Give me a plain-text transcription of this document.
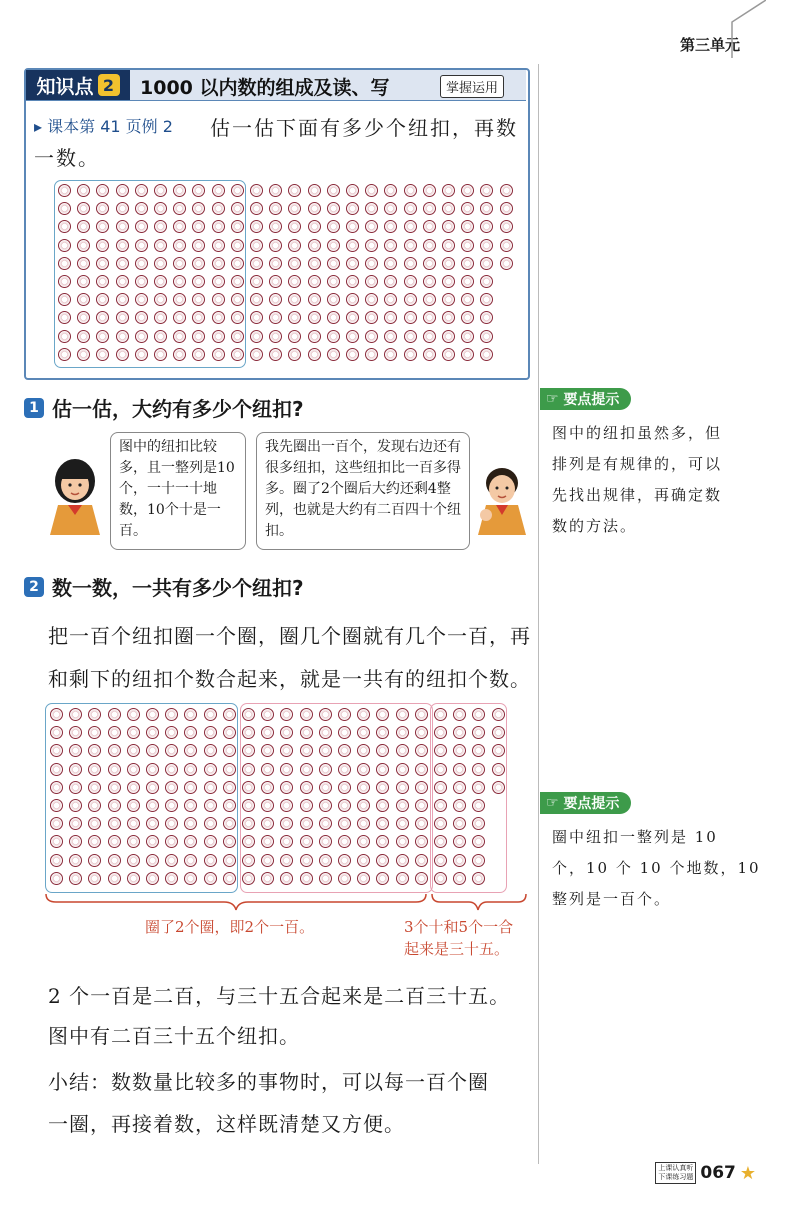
第三单元
知识点 2 1000 以内数的组成及读、写	掌握运用
▸ 课本第 41 页例 2 估一估下面有多少个纽扣，再数
一数。
1 估一估，大约有多少个纽扣?
图中的纽扣比较多，且一整列是10个，一十一十地数，10个十是一百。
我先圈出一百个，发现右边还有很多纽扣，这些纽扣比一百多得多。圈了2个圈后大约还剩4整列，也就是大约有二百四十个纽扣。
2 数一数，一共有多少个纽扣?
把一百个纽扣圈一个圈，圈几个圈就有几个一百，再
和剩下的纽扣个数合起来，就是一共有的纽扣个数。
圈了2个圈，即2个一百。	3个十和5个一合
起来是三十五。
2 个一百是二百，与三十五合起来是二百三十五。
图中有二百三十五个纽扣。
小结：数数量比较多的事物时，可以每一百个圈
一圈，再接着数，这样既清楚又方便。
☞ 要点提示
图中的纽扣虽然多，但
排列是有规律的，可以
先找出规律，再确定数
数的方法。
☞ 要点提示
圈中纽扣一整列是 10
个，10 个 10 个地数，10
整列是一百个。
上课认真听
下课练习题 067 ★
